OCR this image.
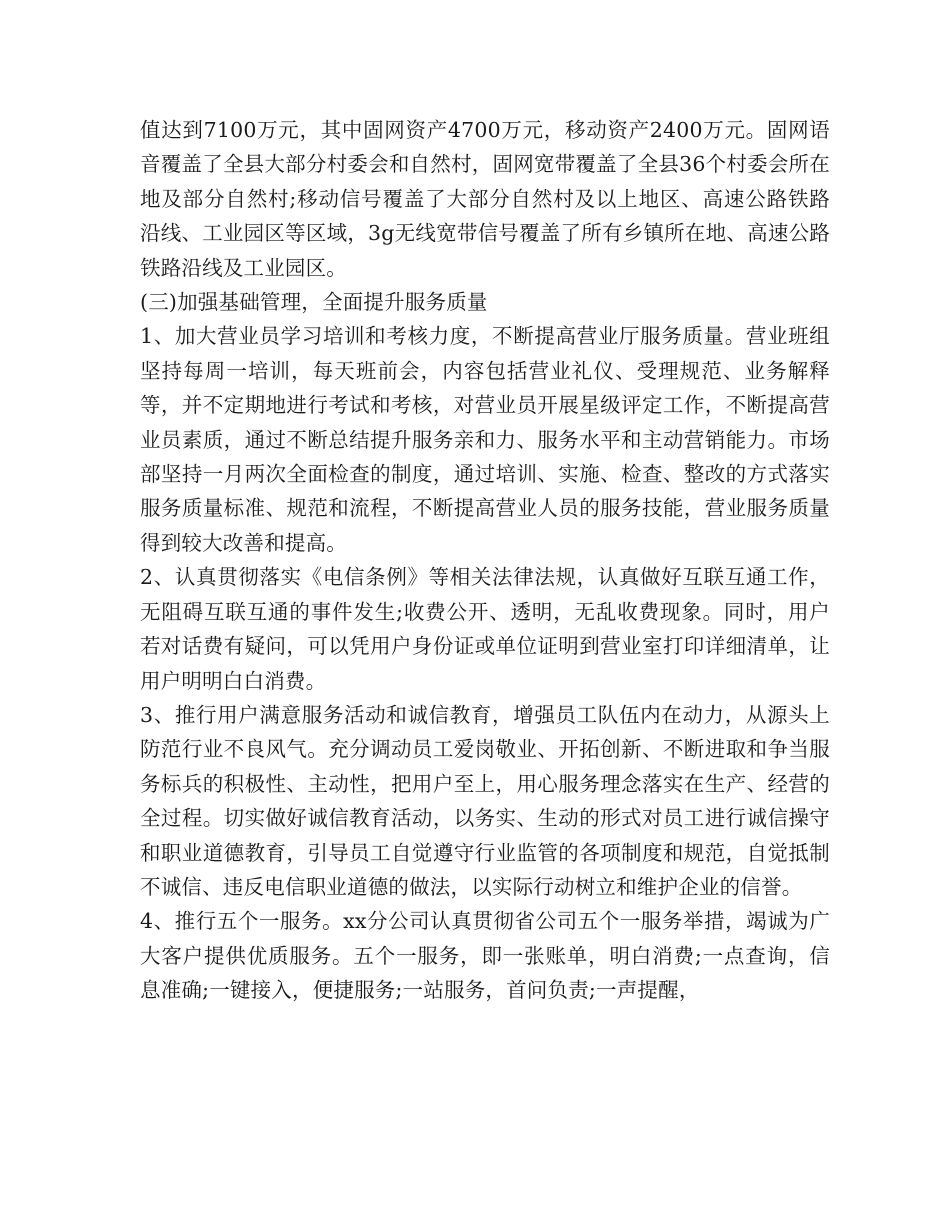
值达到7100万元，其中固网资产4700万元，移动资产2400万元。固网语音覆盖了全县大部分村委会和自然村，固网宽带覆盖了全县36个村委会所在地及部分自然村;移动信号覆盖了大部分自然村及以上地区、高速公路铁路沿线、工业园区等区域，3g无线宽带信号覆盖了所有乡镇所在地、高速公路铁路沿线及工业园区。

(三)加强基础管理，全面提升服务质量

1、加大营业员学习培训和考核力度，不断提高营业厅服务质量。营业班组坚持每周一培训，每天班前会，内容包括营业礼仪、受理规范、业务解释等，并不定期地进行考试和考核，对营业员开展星级评定工作，不断提高营业员素质，通过不断总结提升服务亲和力、服务水平和主动营销能力。市场部坚持一月两次全面检查的制度，通过培训、实施、检查、整改的方式落实服务质量标准、规范和流程，不断提高营业人员的服务技能，营业服务质量得到较大改善和提高。

2、认真贯彻落实《电信条例》等相关法律法规，认真做好互联互通工作，无阻碍互联互通的事件发生;收费公开、透明，无乱收费现象。同时，用户若对话费有疑问，可以凭用户身份证或单位证明到营业室打印详细清单，让用户明明白白消费。

3、推行用户满意服务活动和诚信教育，增强员工队伍内在动力，从源头上防范行业不良风气。充分调动员工爱岗敬业、开拓创新、不断进取和争当服务标兵的积极性、主动性，把用户至上，用心服务理念落实在生产、经营的全过程。切实做好诚信教育活动，以务实、生动的形式对员工进行诚信操守和职业道德教育，引导员工自觉遵守行业监管的各项制度和规范，自觉抵制不诚信、违反电信职业道德的做法，以实际行动树立和维护企业的信誉。

4、推行五个一服务。xx分公司认真贯彻省公司五个一服务举措，竭诚为广大客户提供优质服务。五个一服务，即一张账单，明白消费;一点查询，信息准确;一键接入，便捷服务;一站服务，首问负责;一声提醒，
